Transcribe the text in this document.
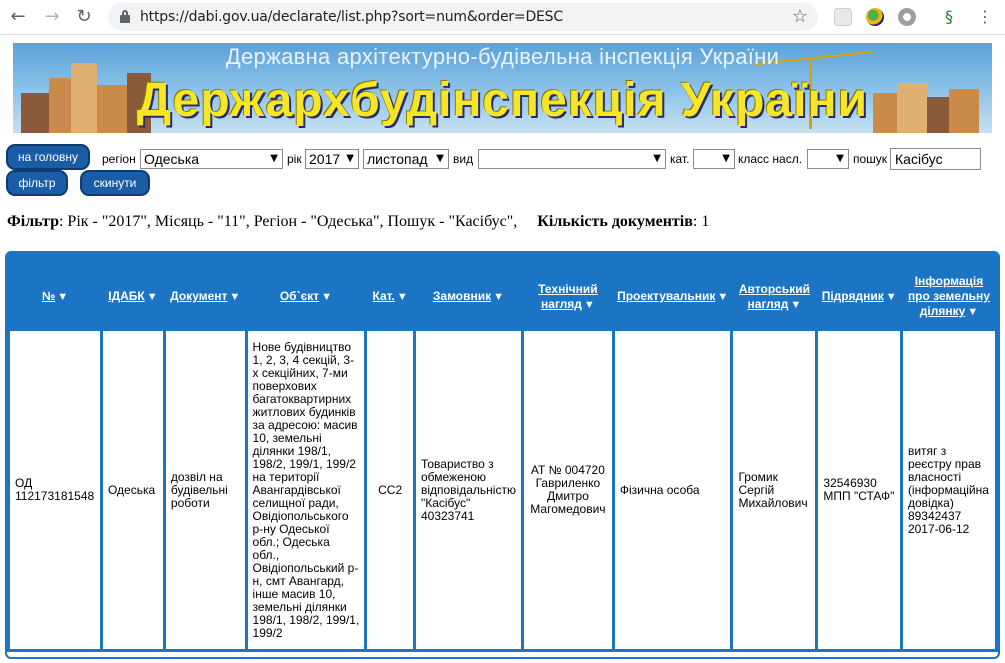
← → ↻	https://dabi.gov.ua/declarate/list.php?sort=num&order=DESC	☆	§	⋮
Державна архітектурно-будівельна інспекція України
Держархбудінспекція України
на головну
фільтр	скинути
регіон Одеська	▼ рік 2017 ▼ листопад ▼ вид	▼ кат.	▼ класс насл.	▼ пошук Касібус
Фільтр: Рік - "2017", Місяць - "11", Регіон - "Одеська", Пошук - "Касібус", Кількість документів: 1
№ ▼	ІДАБК ▼	Документ ▼	Об`єкт ▼	Кат. ▼	Замовник ▼	Технічний
нагляд ▼	Проектувальник ▼	Авторський
нагляд ▼	Підрядник ▼	Інформація
про земельну
ділянку ▼
ОД
112173181548	Одеська	дозвіл на будівельні роботи	Нове будівництво 1, 2, 3, 4 секцій, 3-х секційних, 7-ми поверхових багатоквартирних житлових будинків за адресою: масив 10, земельні ділянки 198/1, 198/2, 199/1, 199/2 на території Авангардівської селищної ради, Овідіопольського р-ну Одеської обл.; Одеська обл., Овідіопольський р-н, смт Авангард, інше масив 10, земельні ділянки 198/1, 198/2, 199/1, 199/2	СС2	Товариство з обмеженою відповідальністю "Касібус" 40323741	АТ № 004720 Гавриленко Дмитро Магомедович	Фізична особа	Громик Сергій Михайлович	32546930 МПП "СТАФ"	витяг з реєстру прав власності (інформаційна довідка) 89342437 2017-06-12
